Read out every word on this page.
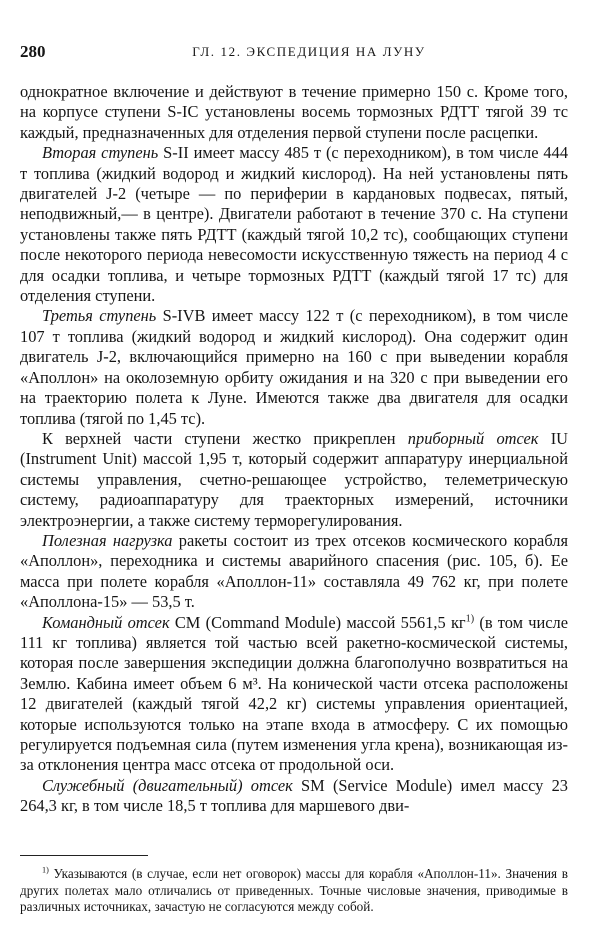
280	ГЛ. 12. ЭКСПЕДИЦИЯ НА ЛУНУ

однократное включение и действуют в течение примерно 150 с. Кроме того, на корпусе ступени S-IC установлены восемь тормозных РДТТ тягой 39 тс каждый, предназначенных для отделения первой ступени после расцепки.

Вторая ступень S-II имеет массу 485 т (с переходником), в том числе 444 т топлива (жидкий водород и жидкий кислород). На ней установлены пять двигателей J-2 (четыре — по периферии в кардановых подвесах, пятый, неподвижный,— в центре). Двигатели работают в течение 370 с. На ступени установлены также пять РДТТ (каждый тягой 10,2 тс), сообщающих ступени после некоторого периода невесомости искусственную тяжесть на период 4 с для осадки топлива, и четыре тормозных РДТТ (каждый тягой 17 тс) для отделения ступени.

Третья ступень S-IVB имеет массу 122 т (с переходником), в том числе 107 т топлива (жидкий водород и жидкий кислород). Она содержит один двигатель J-2, включающийся примерно на 160 с при выведении корабля «Аполлон» на околоземную орбиту ожидания и на 320 с при выведении его на траекторию полета к Луне. Имеются также два двигателя для осадки топлива (тягой по 1,45 тс).

К верхней части ступени жестко прикреплен приборный отсек IU (Instrument Unit) массой 1,95 т, который содержит аппаратуру инерциальной системы управления, счетно-решающее устройство, телеметрическую систему, радиоаппаратуру для траекторных измерений, источники электроэнергии, а также систему терморегулирования.

Полезная нагрузка ракеты состоит из трех отсеков космического корабля «Аполлон», переходника и системы аварийного спасения (рис. 105, б). Ее масса при полете корабля «Аполлон-11» составляла 49 762 кг, при полете «Аполлона-15» — 53,5 т.

Командный отсек CM (Command Module) массой 5561,5 $кг^{1)}$ (в том числе 111 кг топлива) является той частью всей ракетно-космической системы, которая после завершения экспедиции должна благополучно возвратиться на Землю. Кабина имеет объем 6 м³. На конической части отсека расположены 12 двигателей (каждый тягой 42,2 кг) системы управления ориентацией, которые используются только на этапе входа в атмосферу. С их помощью регулируется подъемная сила (путем изменения угла крена), возникающая из-за отклонения центра масс отсека от продольной оси.

Служебный (двигательный) отсек SM (Service Module) имел массу 23 264,3 кг, в том числе 18,5 т топлива для маршевого дви-

$^{1)}$ Указываются (в случае, если нет оговорок) массы для корабля «Аполлон-11». Значения в других полетах мало отличались от приведенных. Точные числовые значения, приводимые в различных источниках, зачастую не согласуются между собой.
